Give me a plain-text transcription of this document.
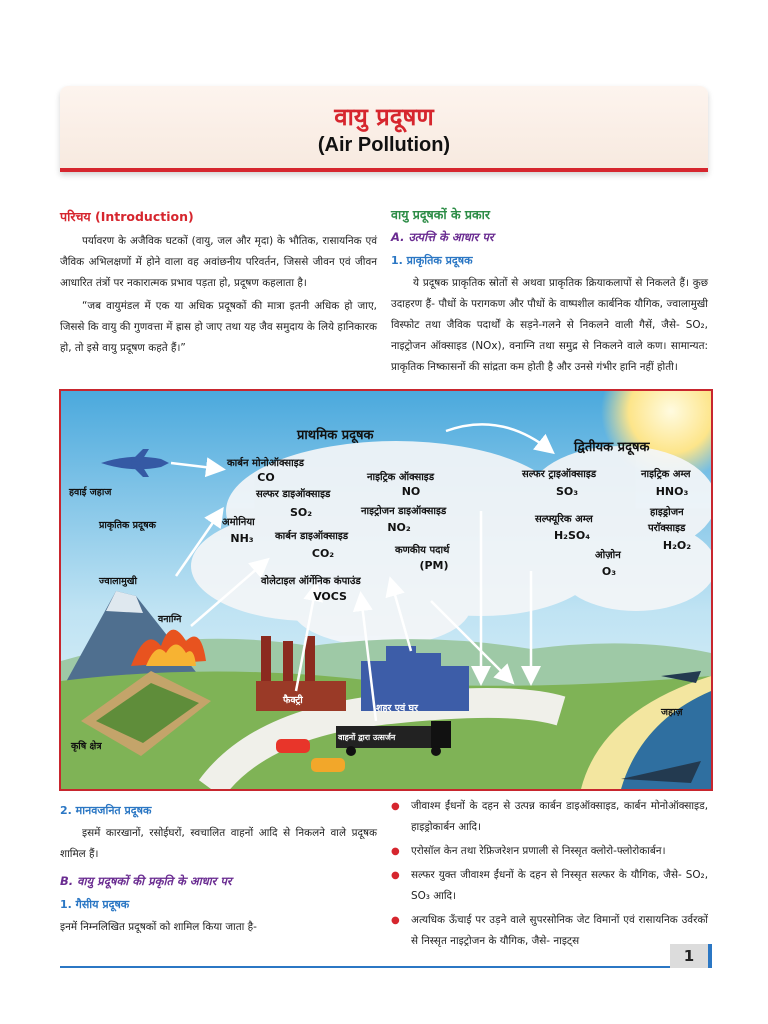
वायु प्रदूषण
(Air Pollution)
परिचय (Introduction)

पर्यावरण के अजैविक घटकों (वायु, जल और मृदा) के भौतिक, रासायनिक एवं जैविक अभिलक्षणों में होने वाला वह अवांछनीय परिवर्तन, जिससे जीवन एवं जीवन आधारित तंत्रों पर नकारात्मक प्रभाव पड़ता हो, प्रदूषण कहलाता है।

“जब वायुमंडल में एक या अधिक प्रदूषकों की मात्रा इतनी अधिक हो जाए, जिससे कि वायु की गुणवत्ता में ह्रास हो जाए तथा यह जैव समुदाय के लिये हानिकारक हो, तो इसे वायु प्रदूषण कहते हैं।”

वायु प्रदूषकों के प्रकार
A. उत्पत्ति के आधार पर
1. प्राकृतिक प्रदूषक

ये प्रदूषक प्राकृतिक स्रोतों से अथवा प्राकृतिक क्रियाकलापों से निकलते हैं। कुछ उदाहरण हैं- पौधों के परागकण और पौधों के वाष्पशील कार्बनिक यौगिक, ज्वालामुखी विस्फोट तथा जैविक पदार्थों के सड़ने-गलने से निकलने वाली गैसें, जैसे- SO₂, नाइट्रोजन ऑक्साइड (NOx), वनाग्नि तथा समुद्र से निकलने वाले कण। सामान्यत: प्राकृतिक निष्कासनों की सांद्रता कम होती है और उनसे गंभीर हानि नहीं होती।

प्राथमिक प्रदूषक
द्वितीयक प्रदूषक
हवाई जहाज
प्राकृतिक प्रदूषक
ज्वालामुखी
वनाग्नि
कृषि क्षेत्र
फैक्ट्री
शहर एवं घर
वाहनों द्वारा उत्सर्जन
जहाज़
कार्बन मोनोऑक्साइड
CO
सल्फर डाइऑक्साइड
SO₂
अमोनिया
NH₃ कार्बन डाइऑक्साइड
CO₂
नाइट्रिक ऑक्साइड
NO
नाइट्रोजन डाइऑक्साइड
NO₂
कणकीय पदार्थ
(PM)
वोलेटाइल ऑर्गेनिक कंपाउंड
VOCS
सल्फर ट्राइऑक्साइड
SO₃
नाइट्रिक अम्ल
HNO₃
सल्फ्यूरिक अम्ल
H₂SO₄
हाइड्रोजन
पराॅक्साइड
H₂O₂
ओज़ोन
O₃
2. मानवजनित प्रदूषक

इसमें कारखानों, रसोईघरों, स्वचालित वाहनों आदि से निकलने वाले प्रदूषक शामिल हैं।

B. वायु प्रदूषकों की प्रकृति के आधार पर
1. गैसीय प्रदूषक
इनमें निम्नलिखित प्रदूषकों को शामिल किया जाता है-
● जीवाश्म ईंधनों के दहन से उत्पन्न कार्बन डाइऑक्साइड, कार्बन मोनोऑक्साइड, हाइड्रोकार्बन आदि।
● एरोसॉल केन तथा रेफ्रिजरेशन प्रणाली से निस्सृत क्लोरो-फ्लोरोकार्बन।
● सल्फर युक्त जीवाश्म ईंधनों के दहन से निस्सृत सल्फर के यौगिक, जैसे- SO₂, SO₃ आदि।
● अत्यधिक ऊँचाई पर उड़ने वाले सुपरसोनिक जेट विमानों एवं रासायनिक उर्वरकों से निस्सृत नाइट्रोजन के यौगिक, जैसे- नाइट्स
1
